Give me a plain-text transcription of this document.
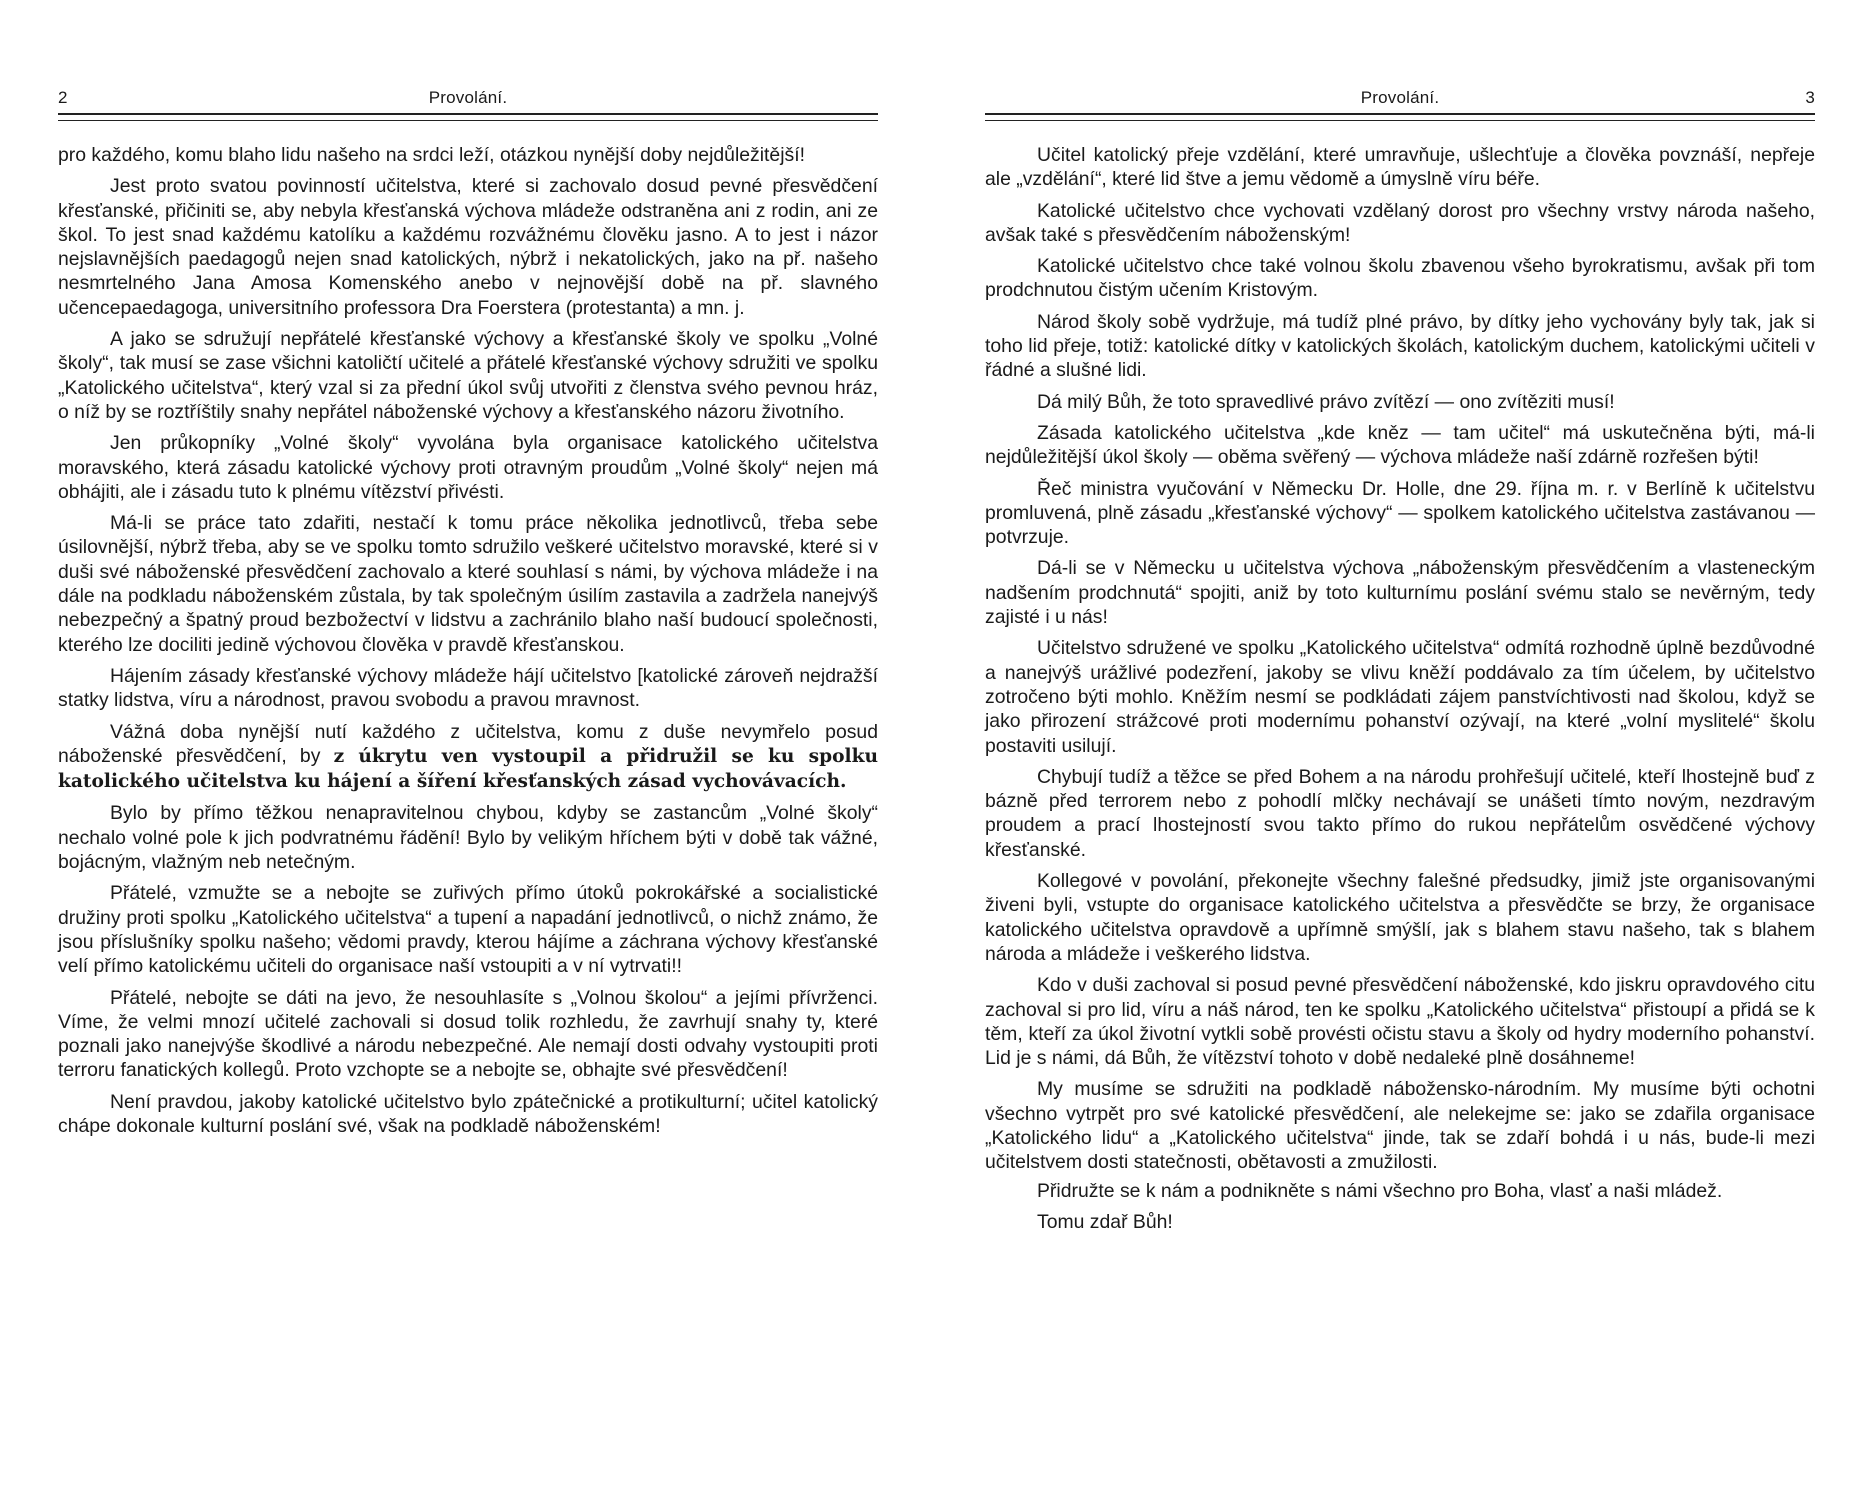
2	Provolání.

pro každého, komu blaho lidu našeho na srdci leží, otázkou nynější doby nejdůležitější!

Jest proto svatou povinností učitelstva, které si zachovalo dosud pevné přesvědčení křesťanské, přičiniti se, aby nebyla křesťanská výchova mládeže odstraněna ani z rodin, ani ze škol. To jest snad každému katolíku a každému rozvážnému člověku jasno. A to jest i názor nejslavnějších paedagogů nejen snad katolických, nýbrž i nekatolických, jako na př. našeho nesmrtelného Jana Amosa Komenského anebo v nejnovější době na př. slavného učencepaedagoga, universitního professora Dra Foerstera (protestanta) a mn. j.

A jako se sdružují nepřátelé křesťanské výchovy a křesťanské školy ve spolku „Volné školy“, tak musí se zase všichni katoličtí učitelé a přátelé křesťanské výchovy sdružiti ve spolku „Katolického učitelstva“, který vzal si za přední úkol svůj utvořiti z členstva svého pevnou hráz, o níž by se roztříštily snahy nepřátel náboženské výchovy a křesťanského názoru životního.

Jen průkopníky „Volné školy“ vyvolána byla organisace katolického učitelstva moravského, která zásadu katolické výchovy proti otravným proudům „Volné školy“ nejen má obhájiti, ale i zásadu tuto k plnému vítězství přivésti.

Má-li se práce tato zdařiti, nestačí k tomu práce několika jednotlivců, třeba sebe úsilovnější, nýbrž třeba, aby se ve spolku tomto sdružilo veškeré učitelstvo moravské, které si v duši své náboženské přesvědčení zachovalo a které souhlasí s námi, by výchova mládeže i na dále na podkladu náboženském zůstala, by tak společným úsilím zastavila a zadržela nanejvýš nebezpečný a špatný proud bezbožectví v lidstvu a zachránilo blaho naší budoucí společnosti, kterého lze dociliti jedině výchovou člověka v pravdě křesťanskou.

Hájením zásady křesťanské výchovy mládeže hájí učitelstvo [katolické zároveň nejdražší statky lidstva, víru a národnost, pravou svobodu a pravou mravnost.

Vážná doba nynější nutí každého z učitelstva, komu z duše nevymřelo posud náboženské přesvědčení, by z úkrytu ven vystoupil a přidružil se ku spolku katolického učitelstva ku hájení a šíření křesťanských zásad vychovávacích.

Bylo by přímo těžkou nenapravitelnou chybou, kdyby se zastancům „Volné školy“ nechalo volné pole k jich podvratnému řádění! Bylo by velikým hříchem býti v době tak vážné, bojácným, vlažným neb netečným.

Přátelé, vzmužte se a nebojte se zuřivých přímo útoků pokrokářské a socialistické družiny proti spolku „Katolického učitelstva“ a tupení a napadání jednotlivců, o nichž známo, že jsou příslušníky spolku našeho; vědomi pravdy, kterou hájíme a záchrana výchovy křesťanské velí přímo katolickému učiteli do organisace naší vstoupiti a v ní vytrvati!!

Přátelé, nebojte se dáti na jevo, že nesouhlasíte s „Volnou školou“ a jejími přívrženci. Víme, že velmi mnozí učitelé zachovali si dosud tolik rozhledu, že zavrhují snahy ty, které poznali jako nanejvýše škodlivé a národu nebezpečné. Ale nemají dosti odvahy vystoupiti proti terroru fanatických kollegů. Proto vzchopte se a nebojte se, obhajte své přesvědčení!

Není pravdou, jakoby katolické učitelstvo bylo zpátečnické a protikulturní; učitel katolický chápe dokonale kulturní poslání své, však na podkladě náboženském!

Provolání.	3

Učitel katolický přeje vzdělání, které umravňuje, ušlechťuje a člověka povznáší, nepřeje ale „vzdělání“, které lid štve a jemu vědomě a úmyslně víru béře.

Katolické učitelstvo chce vychovati vzdělaný dorost pro všechny vrstvy národa našeho, avšak také s přesvědčením náboženským!

Katolické učitelstvo chce také volnou školu zbavenou všeho byrokratismu, avšak při tom prodchnutou čistým učením Kristovým.

Národ školy sobě vydržuje, má tudíž plné právo, by dítky jeho vychovány byly tak, jak si toho lid přeje, totiž: katolické dítky v katolických školách, katolickým duchem, katolickými učiteli v řádné a slušné lidi.

Dá milý Bůh, že toto spravedlivé právo zvítězí — ono zvítěziti musí!

Zásada katolického učitelstva „kde kněz — tam učitel“ má uskutečněna býti, má-li nejdůležitější úkol školy — oběma svěřený — výchova mládeže naší zdárně rozřešen býti!

Řeč ministra vyučování v Německu Dr. Holle, dne 29. října m. r. v Berlíně k učitelstvu promluvená, plně zásadu „křesťanské výchovy“ — spolkem katolického učitelstva zastávanou — potvrzuje.

Dá-li se v Německu u učitelstva výchova „náboženským přesvědčením a vlasteneckým nadšením prodchnutá“ spojiti, aniž by toto kulturnímu poslání svému stalo se nevěrným, tedy zajisté i u nás!

Učitelstvo sdružené ve spolku „Katolického učitelstva“ odmítá rozhodně úplně bezdůvodné a nanejvýš urážlivé podezření, jakoby se vlivu kněží poddávalo za tím účelem, by učitelstvo zotročeno býti mohlo. Kněžím nesmí se podkládati zájem panstvíchtivosti nad školou, když se jako přirození strážcové proti modernímu pohanství ozývají, na které „volní myslitelé“ školu postaviti usilují.

Chybují tudíž a těžce se před Bohem a na národu prohřešují učitelé, kteří lhostejně buď z bázně před terrorem nebo z pohodlí mlčky nechávají se unášeti tímto novým, nezdravým proudem a prací lhostejností svou takto přímo do rukou nepřátelům osvědčené výchovy křesťanské.

Kollegové v povolání, překonejte všechny falešné předsudky, jimiž jste organisovanými živeni byli, vstupte do organisace katolického učitelstva a přesvědčte se brzy, že organisace katolického učitelstva opravdově a upřímně smýšlí, jak s blahem stavu našeho, tak s blahem národa a mládeže i veškerého lidstva.

Kdo v duši zachoval si posud pevné přesvědčení náboženské, kdo jiskru opravdového citu zachoval si pro lid, víru a náš národ, ten ke spolku „Katolického učitelstva“ přistoupí a přidá se k těm, kteří za úkol životní vytkli sobě provésti očistu stavu a školy od hydry moderního pohanství. Lid je s námi, dá Bůh, že vítězství tohoto v době nedaleké plně dosáhneme!

My musíme se sdružiti na podkladě nábožensko-národním. My musíme býti ochotni všechno vytrpět pro své katolické přesvědčení, ale nelekejme se: jako se zdařila organisace „Katolického lidu“ a „Katolického učitelstva“ jinde, tak se zdaří bohdá i u nás, bude-li mezi učitelstvem dosti statečnosti, obětavosti a zmužilosti.

Přidružte se k nám a podnikněte s námi všechno pro Boha, vlasť a naši mládež.

Tomu zdař Bůh!
